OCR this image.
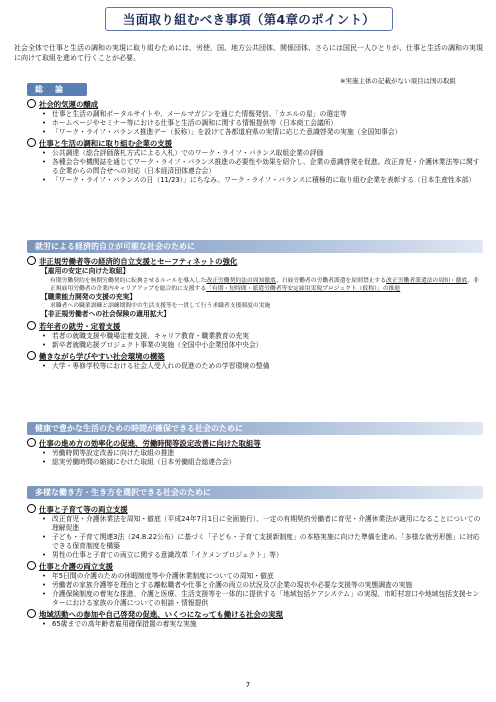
当面取り組むべき事項（第4章のポイント）
社会全体で仕事と生活の調和の実現に取り組むためには、労使、国、地方公共団体、関係団体、さらには国民一人ひとりが、仕事と生活の調和の実現に向けて取組を進めて行くことが必要。
※実施主体の記載がない項目は国の取組
総　論
社会的気運の醸成
• 仕事と生活の調和ポータルサイトや、メールマガジンを通じた情報発信、「カエルの星」の選定等
• ホームページやセミナー等における仕事と生活の調和に関する情報提供等（日本商工会議所）
• 「ワーク・ライフ・バランス推進デー（仮称）」を設けて各都道府県の実情に応じた意識啓発の実施（全国知事会）
仕事と生活の調和に取り組む企業の支援
• 公共調達（総合評価落札方式による入札）でのワーク・ライフ・バランス取組企業の評価
• 各種会合や機関誌を通じてワーク・ライフ・バランス推進の必要性や効果を紹介し、企業の意識啓発を促進。改正育児・介護休業法等に関する企業からの問合せへの対応（日本経済団体連合会）
• 「ワーク・ライフ・バランスの日（11/23）」にちなみ、ワーク・ライフ・バランスに積極的に取り組む企業を表彰する（日本生産性本部）
就労による経済的自立が可能な社会のために
非正規労働者等の経済的自立支援とセーフティネットの強化
【雇用の安定に向けた取組】
有期労働契約を無期労働契約に転換させるルールを導入した改正労働契約法の周知徹底、日雇労働者の労働者派遣を原則禁止する改正労働者派遣法の周知・徹底、非正規雇用労働者の企業内キャリアアップを総合的に支援する「有期・短時間・派遣労働者等安定雇用実現プロジェクト（仮称）」の推進
【職業能力開発の支援の充実】
求職者への職業訓練と訓練期間中の生活支援等を一貫して行う求職者支援制度の実施
【非正規労働者への社会保険の適用拡大】
若年者の就労・定着支援
• 若者の就職支援や職場定着支援、キャリア教育・職業教育の充実
• 新卒者就職応援プロジェクト事業の実施（全国中小企業団体中央会）
働きながら学びやすい社会環境の構築
• 大学・専修学校等における社会人受入れの促進のための学習環境の整備
健康で豊かな生活のための時間が確保できる社会のために
仕事の進め方の効率化の促進、労働時間等設定改善に向けた取組等
• 労働時間等設定改善に向けた取組の推進
• 総実労働時間の縮減にむけた取組（日本労働組合総連合会）
多様な働き方・生き方を選択できる社会のために
仕事と子育て等の両立支援
• 改正育児・介護休業法を周知・徹底（平成24年7月1日に全面施行）、一定の有期契約労働者に育児・介護休業法が適用になることについての理解促進
• 子ども・子育て関連3法（24.8.22公布）に基づく「子ども・子育て支援新制度」の本格実施に向けた準備を進め、「多様な就労形態」に対応できる保育制度を構築
• 男性の仕事と子育ての両立に関する意識改革「イクメンプロジェクト」等）
仕事と介護の両立支援
• 年5日間の介護のための休暇制度等や介護休業制度についての周知・徹底
• 労働者の家族介護等を理由とする離転職者や仕事と介護の両立の状況及び企業の現状や必要な支援等の実態調査の実施
• 介護保険制度の着実な推進、介護と医療、生活支援等を一体的に提供する「地域包括ケアシステム」の実現、市町村窓口や地域包括支援センターにおける家族の介護についての相談・情報提供
地域活動への参加や自己啓発の促進、いくつになっても働ける社会の実現
• 65歳までの高年齢者雇用確保措置の着実な実施
7
